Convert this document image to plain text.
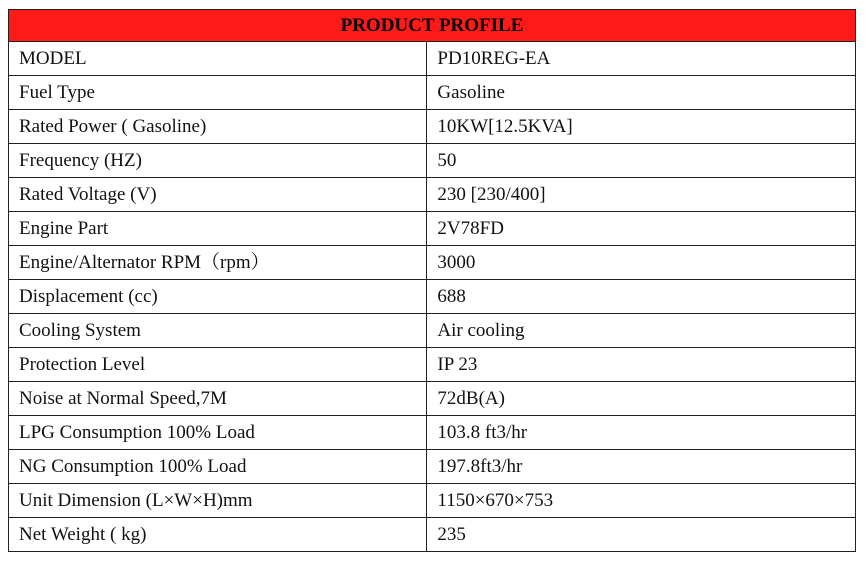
PRODUCT PROFILE	
MODEL	PD10REG-EA
Fuel Type	Gasoline
Rated Power ( Gasoline)	10KW[12.5KVA]
Frequency (HZ)	50
Rated Voltage (V)	230 [230/400]
Engine Part	2V78FD
Engine/Alternator RPM（rpm）	3000
Displacement (cc)	688
Cooling System	Air cooling
Protection Level	IP 23
Noise at Normal Speed,7M	72dB(A)
LPG Consumption 100% Load	103.8 ft3/hr
NG Consumption 100% Load	197.8ft3/hr
Unit Dimension (L×W×H)mm	1150×670×753
Net Weight ( kg)	235
